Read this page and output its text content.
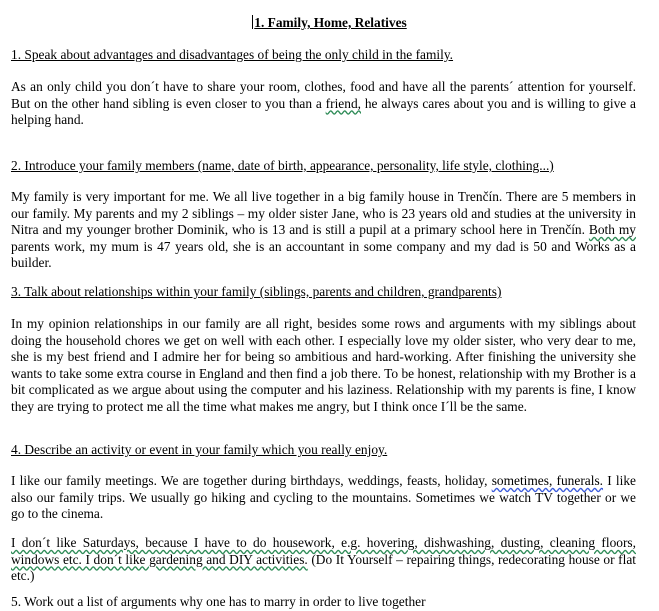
1. Family, Home, Relatives
1. Speak about advantages and disadvantages of being the only child in the family.
As an only child you don´t have to share your room, clothes, food and have all the parents´ attention for yourself. But on the other hand sibling is even closer to you than a friend, he always cares about you and is willing to give a helping hand.
2. Introduce your family members (name, date of birth, appearance, personality, life style, clothing...)
My family is very important for me. We all live together in a big family house in Trenčín. There are 5 members in our family. My parents and my 2 siblings – my older sister Jane, who is 23 years old and studies at the university in Nitra and my younger brother Dominik, who is 13 and is still a pupil at a primary school here in Trenčín. Both my parents work, my mum is 47 years old, she is an accountant in some company and my dad is 50 and Works as a builder.
3. Talk about relationships within your family (siblings, parents and children, grandparents)
In my opinion relationships in our family are all right, besides some rows and arguments with my siblings about doing the household chores we get on well with each other. I especially love my older sister, who very dear to me, she is my best friend and I admire her for being so ambitious and hard-working. After finishing the university she wants to take some extra course in England and then find a job there. To be honest, relationship with my Brother is a bit complicated as we argue about using the computer and his laziness. Relationship with my parents is fine, I know they are trying to protect me all the time what makes me angry, but I think once I´ll be the same.
4. Describe an activity or event in your family which you really enjoy.
I like our family meetings. We are together during birthdays, weddings, feasts, holiday, sometimes, funerals. I like also our family trips. We usually go hiking and cycling to the mountains. Sometimes we watch TV together or we go to the cinema.
I don´t like Saturdays, because I have to do housework, e.g. hovering, dishwashing, dusting, cleaning floors, windows etc. I don´t like gardening and DIY activities. (Do It Yourself – repairing things, redecorating house or flat etc.)
5. Work out a list of arguments why one has to marry in order to live together
